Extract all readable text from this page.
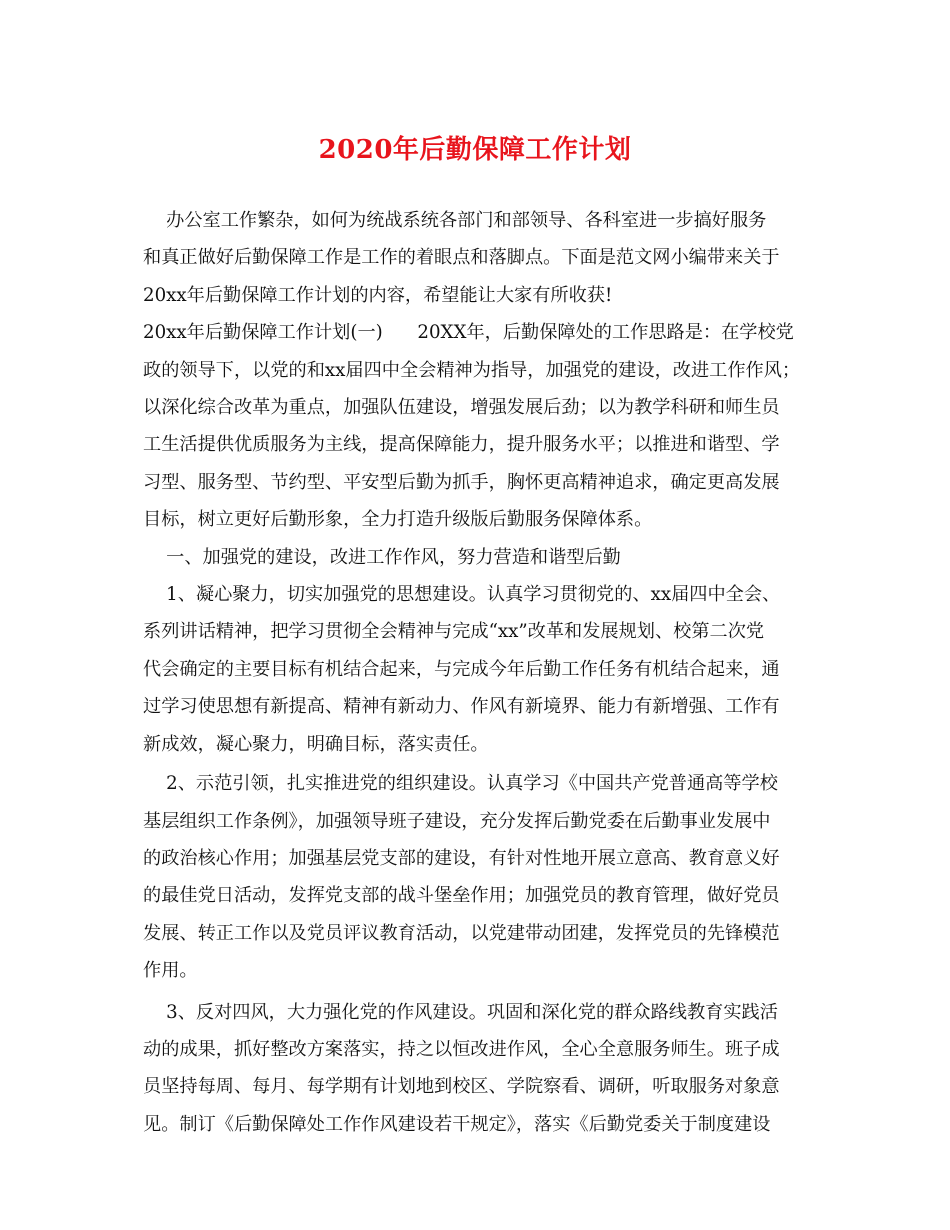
2020年后勤保障工作计划
办公室工作繁杂，如何为统战系统各部门和部领导、各科室进一步搞好服务
和真正做好后勤保障工作是工作的着眼点和落脚点。下面是范文网小编带来关于
20xx年后勤保障工作计划的内容，希望能让大家有所收获!
20xx年后勤保障工作计划(一)      20XX年，后勤保障处的工作思路是：在学校党
政的领导下，以党的和xx届四中全会精神为指导，加强党的建设，改进工作作风；
以深化综合改革为重点，加强队伍建设，增强发展后劲；以为教学科研和师生员
工生活提供优质服务为主线，提高保障能力，提升服务水平；以推进和谐型、学
习型、服务型、节约型、平安型后勤为抓手，胸怀更高精神追求，确定更高发展
目标，树立更好后勤形象，全力打造升级版后勤服务保障体系。
一、加强党的建设，改进工作作风，努力营造和谐型后勤
1、凝心聚力，切实加强党的思想建设。认真学习贯彻党的、xx届四中全会、
系列讲话精神，把学习贯彻全会精神与完成“xx”改革和发展规划、校第二次党
代会确定的主要目标有机结合起来，与完成今年后勤工作任务有机结合起来，通
过学习使思想有新提高、精神有新动力、作风有新境界、能力有新增强、工作有
新成效，凝心聚力，明确目标，落实责任。
2、示范引领，扎实推进党的组织建设。认真学习《中国共产党普通高等学校
基层组织工作条例》，加强领导班子建设，充分发挥后勤党委在后勤事业发展中
的政治核心作用；加强基层党支部的建设，有针对性地开展立意高、教育意义好
的最佳党日活动，发挥党支部的战斗堡垒作用；加强党员的教育管理，做好党员
发展、转正工作以及党员评议教育活动，以党建带动团建，发挥党员的先锋模范
作用。
3、反对四风，大力强化党的作风建设。巩固和深化党的群众路线教育实践活
动的成果，抓好整改方案落实，持之以恒改进作风，全心全意服务师生。班子成
员坚持每周、每月、每学期有计划地到校区、学院察看、调研，听取服务对象意
见。制订《后勤保障处工作作风建设若干规定》，落实《后勤党委关于制度建设
